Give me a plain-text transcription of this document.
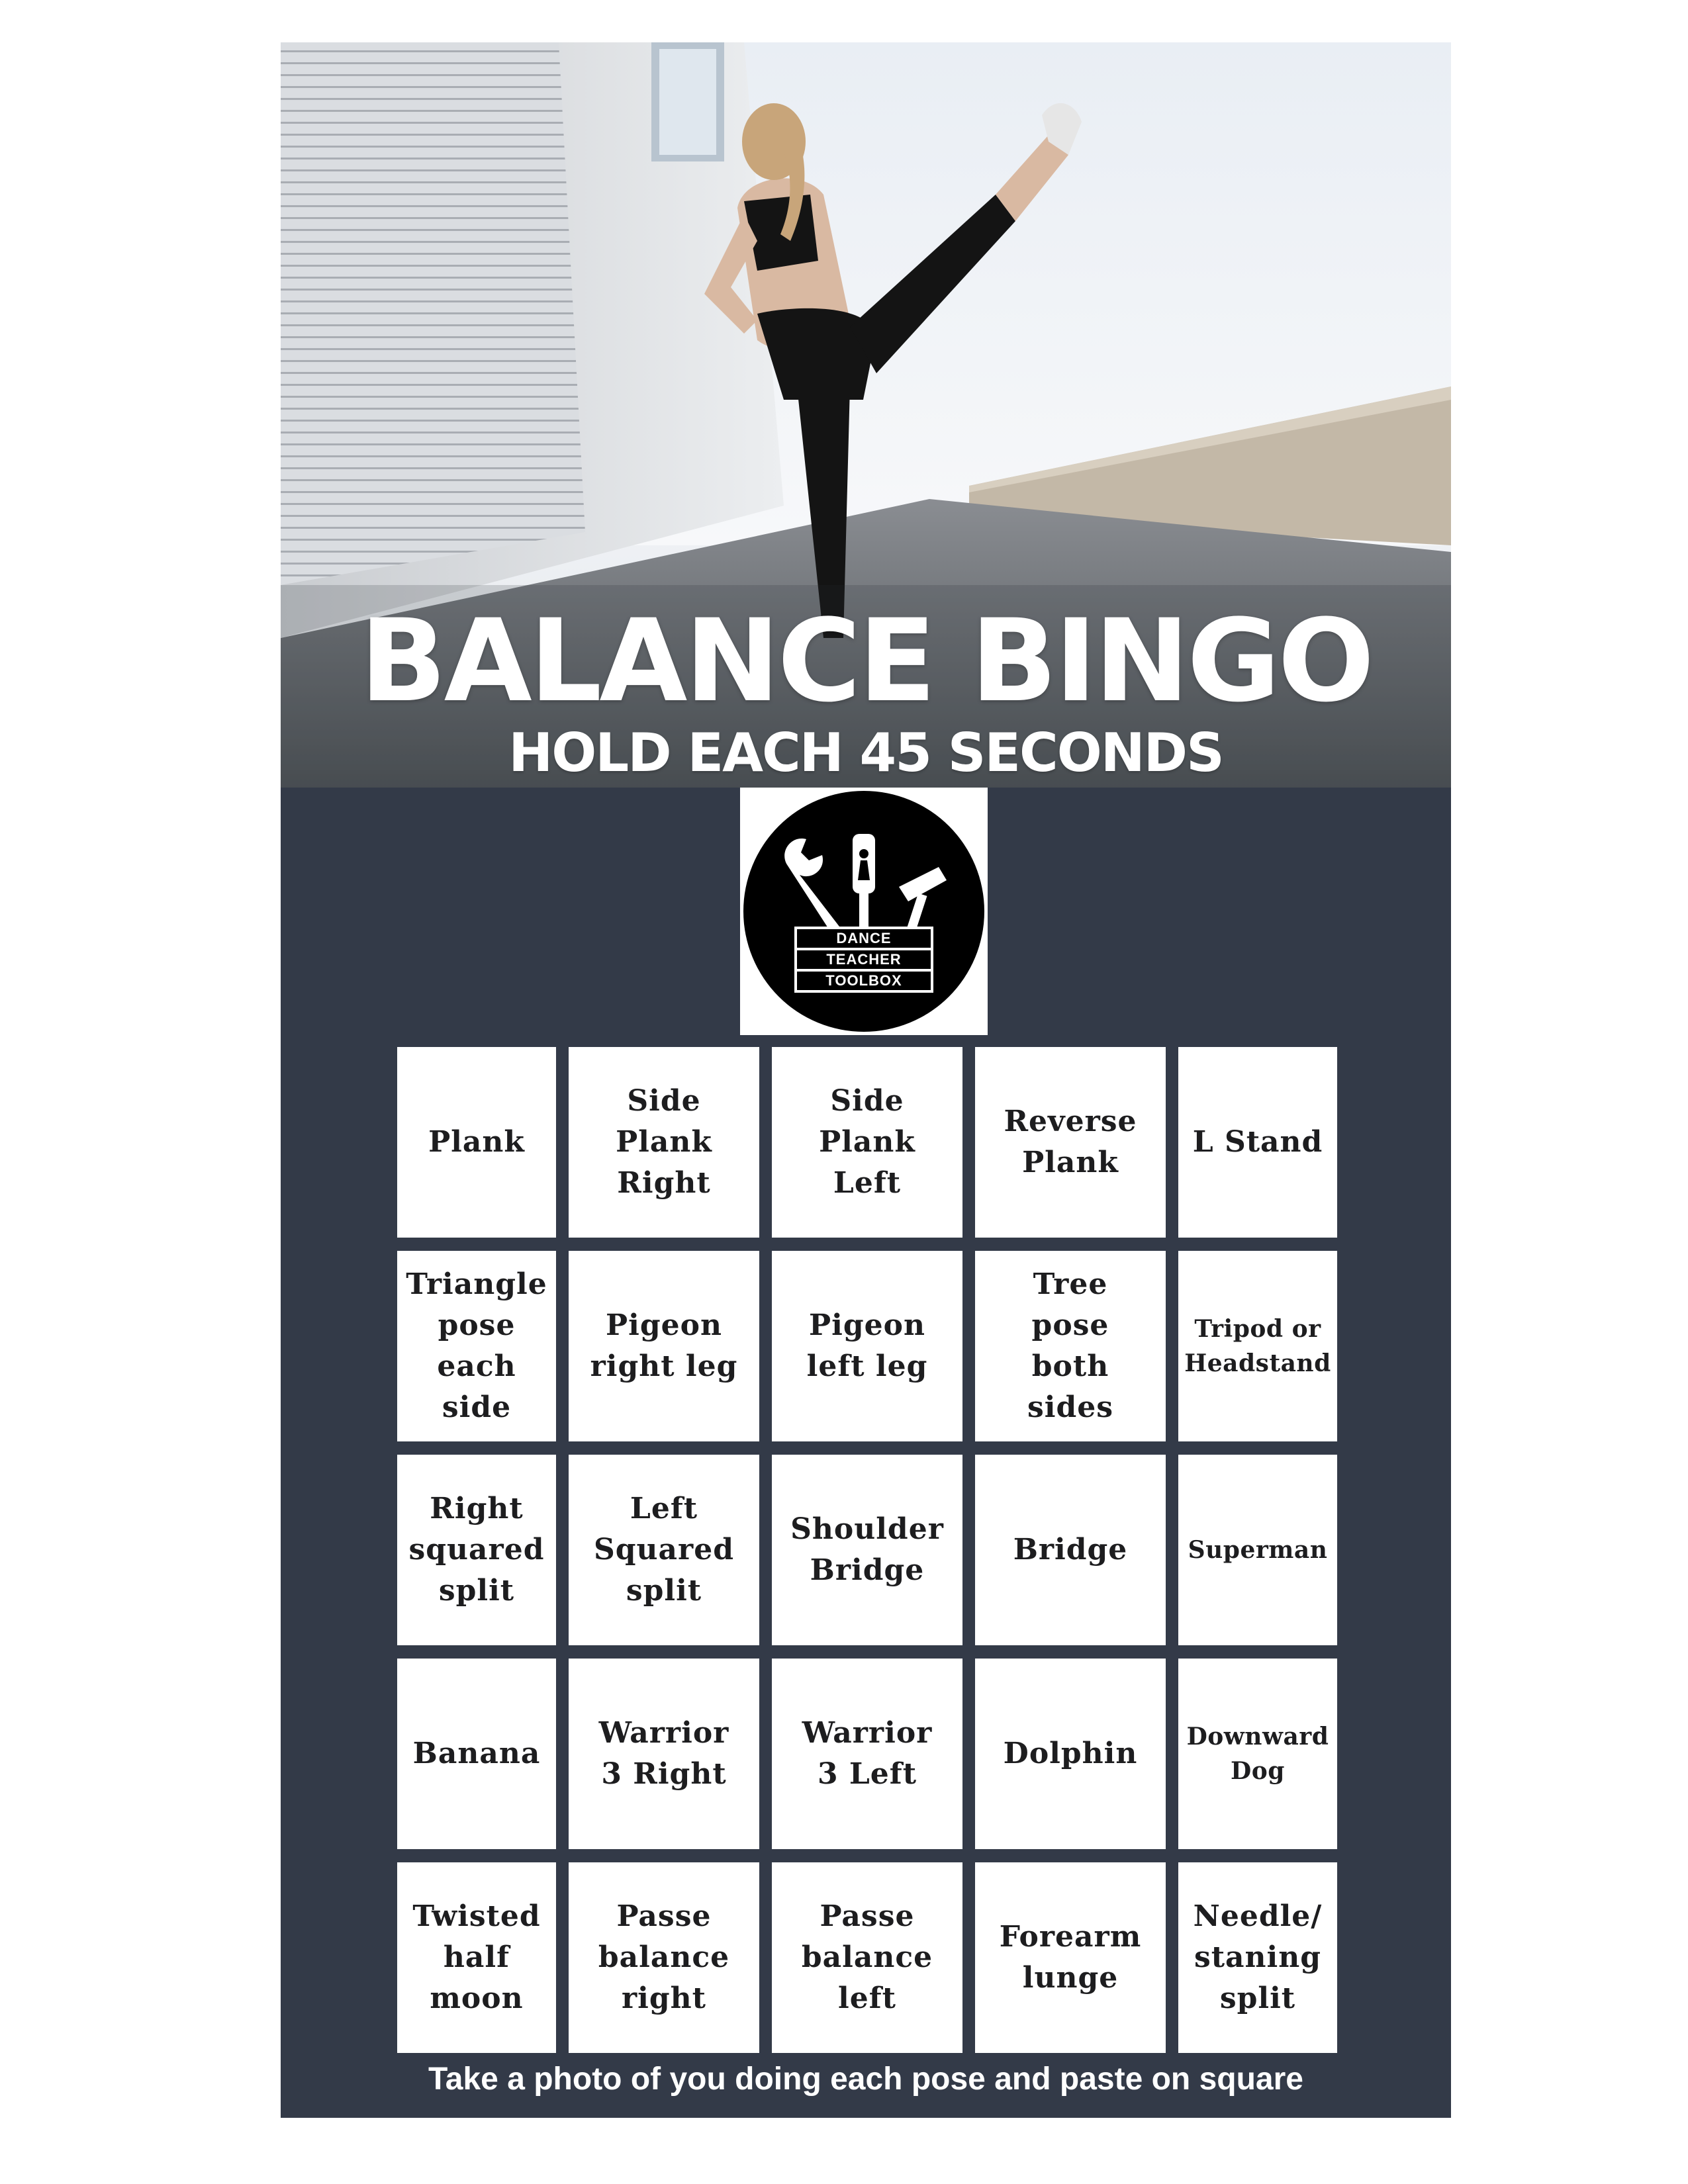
BALANCE BINGO
HOLD EACH 45 SECONDS
DANCE
TEACHER
TOOLBOX
Plank
Side
Plank
Right
Side
Plank
Left
Reverse
Plank
L Stand
Triangle
pose
each side
Pigeon
right leg
Pigeon
left leg
Tree
pose
both
sides
Tripod or
Headstand
Right
squared
split
Left
Squared
split
Shoulder
Bridge
Bridge	Superman
Banana
Warrior
3 Right
Warrior
3 Left
Dolphin Downward
Dog
Twisted
half
moon
Passe
balance
right
Passe
balance
left
Forearm
lunge
Needle/
staning
split
Take a photo of you doing each pose and paste on square
